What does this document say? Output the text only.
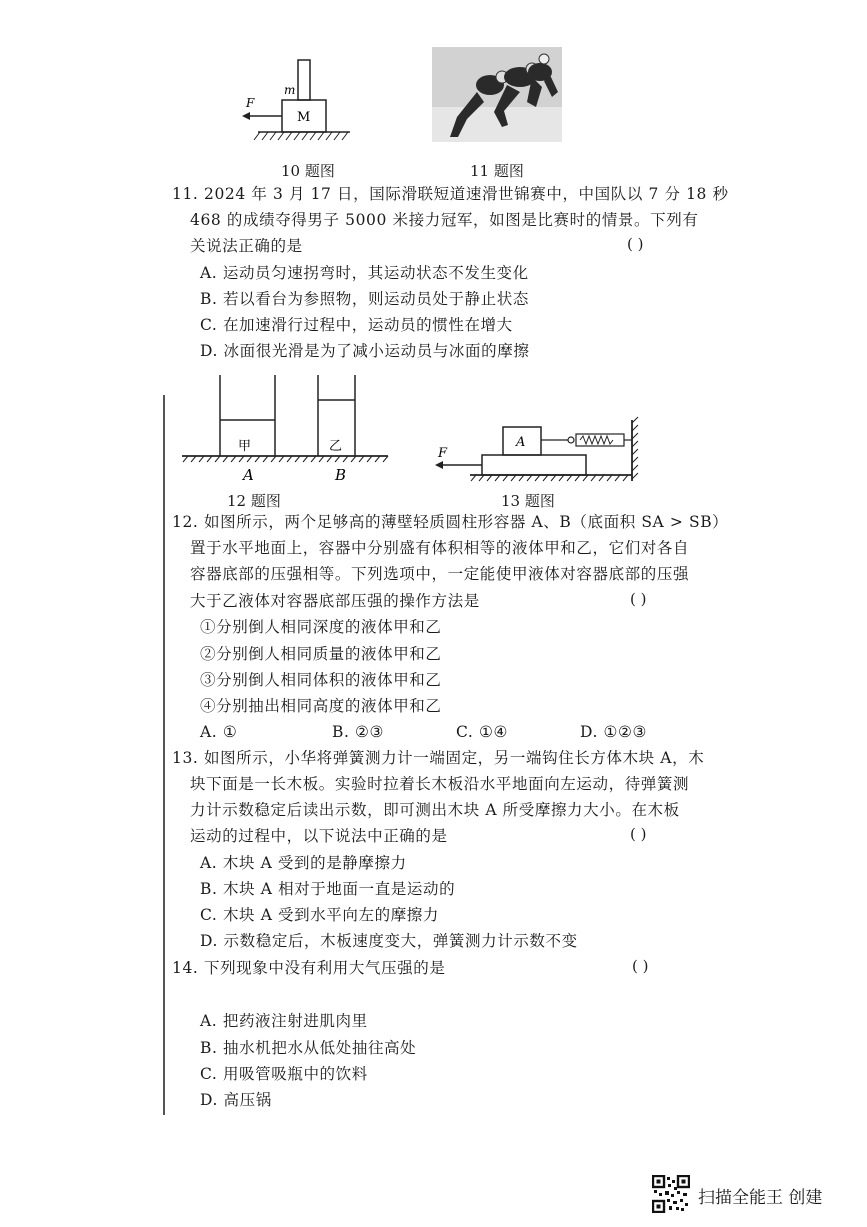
F
m
M
10 题图	11 题图
11. 2024 年 3 月 17 日，国际滑联短道速滑世锦赛中，中国队以 7 分 18 秒
468 的成绩夺得男子 5000 米接力冠军，如图是比赛时的情景。下列有
关说法正确的是	( )
A. 运动员匀速拐弯时，其运动状态不发生变化
B. 若以看台为参照物，则运动员处于静止状态
C. 在加速滑行过程中，运动员的惯性在增大
D. 冰面很光滑是为了减小运动员与冰面的摩擦
甲	乙
A	B
12 题图
F
A
13 题图
12. 如图所示，两个足够高的薄壁轻质圆柱形容器 A、B（底面积 SA > SB）
置于水平地面上，容器中分别盛有体积相等的液体甲和乙，它们对各自
容器底部的压强相等。下列选项中，一定能使甲液体对容器底部的压强
大于乙液体对容器底部压强的操作方法是	( )
①分别倒人相同深度的液体甲和乙
②分别倒人相同质量的液体甲和乙
③分别倒人相同体积的液体甲和乙
④分别抽出相同高度的液体甲和乙
A. ①	B. ②③	C. ①④	D. ①②③
13. 如图所示，小华将弹簧测力计一端固定，另一端钩住长方体木块 A，木
块下面是一长木板。实验时拉着长木板沿水平地面向左运动，待弹簧测
力计示数稳定后读出示数，即可测出木块 A 所受摩擦力大小。在木板
运动的过程中，以下说法中正确的是	( )
A. 木块 A 受到的是静摩擦力
B. 木块 A 相对于地面一直是运动的
C. 木块 A 受到水平向左的摩擦力
D. 示数稳定后，木板速度变大，弹簧测力计示数不变
14. 下列现象中没有利用大气压强的是	( )
A. 把药液注射进肌肉里
B. 抽水机把水从低处抽往高处
C. 用吸管吸瓶中的饮料
D. 高压锅
扫描全能王 创建
